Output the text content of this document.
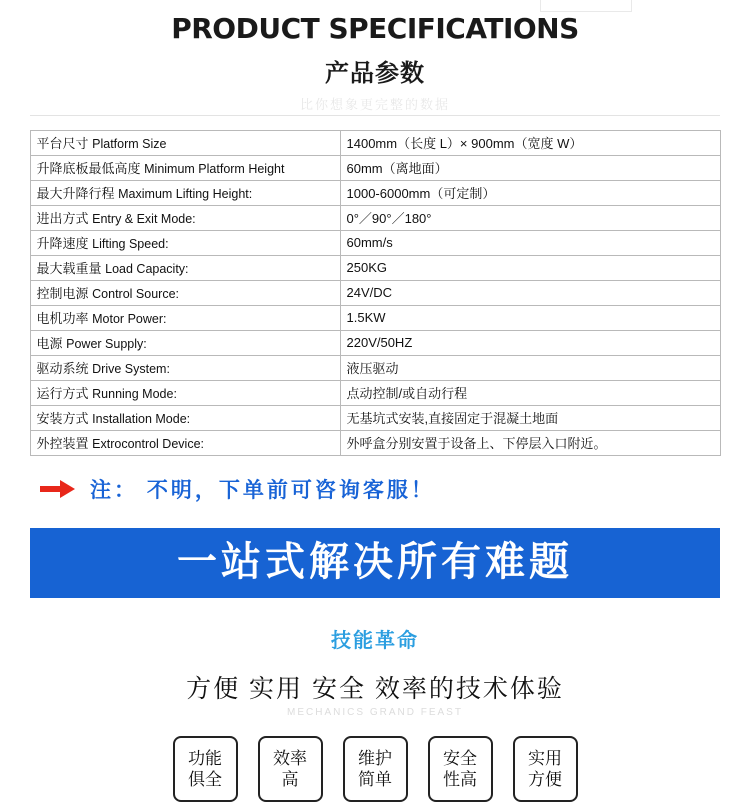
PRODUCT SPECIFICATIONS
产品参数
比你想象更完整的数据
平台尺寸 Platform Size	1400mm（长度 L）× 900mm（宽度 W）
升降底板最低高度 Minimum Platform Height	60mm（离地面）
最大升降行程 Maximum Lifting Height:	1000-6000mm（可定制）
进出方式 Entry & Exit Mode:	0°／90°／180°
升降速度 Lifting Speed:	60mm/s
最大载重量 Load Capacity:	250KG
控制电源 Control Source:	24V/DC
电机功率 Motor Power:	1.5KW
电源 Power Supply:	220V/50HZ
驱动系统 Drive System:	液压驱动
运行方式 Running Mode:	点动控制/或自动行程
安装方式 Installation Mode:	无基坑式安装,直接固定于混凝土地面
外控装置 Extrocontrol Device:	外呼盒分别安置于设备上、下停层入口附近。
注： 不明，下单前可咨询客服！
一站式解决所有难题
技能革命
方便 实用 安全 效率的技术体验
MECHANICS GRAND FEAST
功能
俱全
效率
高
维护
简单
安全
性高
实用
方便
